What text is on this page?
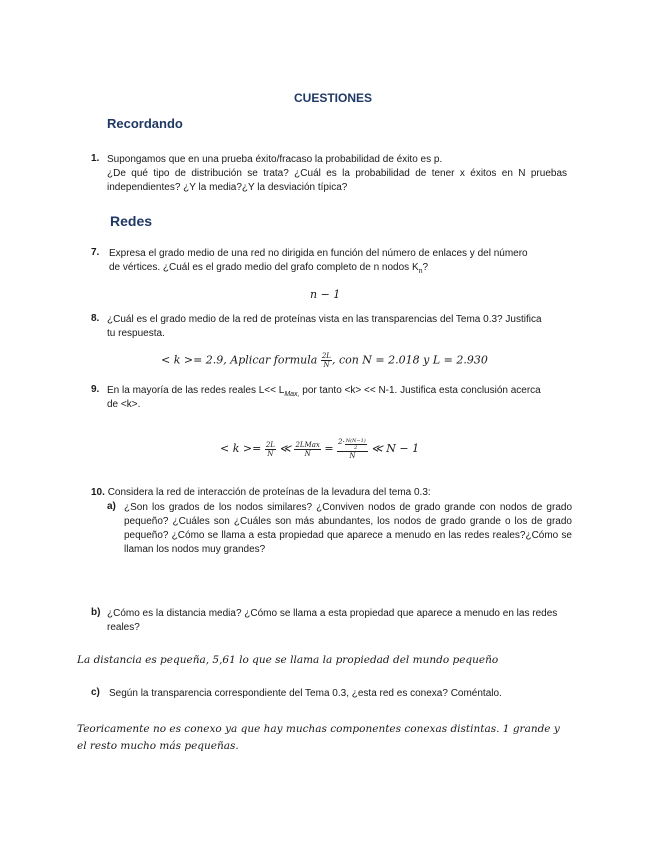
CUESTIONES
Recordando
1. Supongamos que en una prueba éxito/fracaso la probabilidad de éxito es p.
¿De qué tipo de distribución se trata? ¿Cuál es la probabilidad de tener x éxitos en N pruebas
independientes? ¿Y la media?¿Y la desviación típica?
Redes
7. Expresa el grado medio de una red no dirigida en función del número de enlaces y del número
de vértices. ¿Cuál es el grado medio del grafo completo de n nodos $K_n$?
n − 1
8. ¿Cuál es el grado medio de la red de proteínas vista en las transparencias del Tema 0.3? Justifica
tu respuesta.
< k >= 2.9, Aplicar formula $\frac{2L}{N}$ , con N = 2.018 y L = 2.930
9. En la mayoría de las redes reales $L<< L_{Max,}$ por tanto <k> << N-1. Justifica esta conclusión acerca
de <k>.
< $k >= \frac{2L}{N}$ ≪ $\frac{\text{2LMax}}{N} = \frac{2\cdot \frac{N(N-1)}{2}}{N}$ ≪ N − 1
10. Considera la red de interacción de proteínas de la levadura del tema 0.3:
a) ¿Son los grados de los nodos similares? ¿Conviven nodos de grado grande con nodos de grado
pequeño? ¿Cuáles son ¿Cuáles son más abundantes, los nodos de grado grande o los de grado
pequeño? ¿Cómo se llama a esta propiedad que aparece a menudo en las redes reales?¿Cómo se
llaman los nodos muy grandes?
b) ¿Cómo es la distancia media? ¿Cómo se llama a esta propiedad que aparece a menudo en las redes
reales?
La distancia es pequeña, 5,61 lo que se llama la propiedad del mundo pequeño
c) Según la transparencia correspondiente del Tema 0.3, ¿esta red es conexa? Coméntalo.
Teoricamente no es conexo ya que hay muchas componentes conexas distintas. 1 grande y
el resto mucho más pequeñas.
